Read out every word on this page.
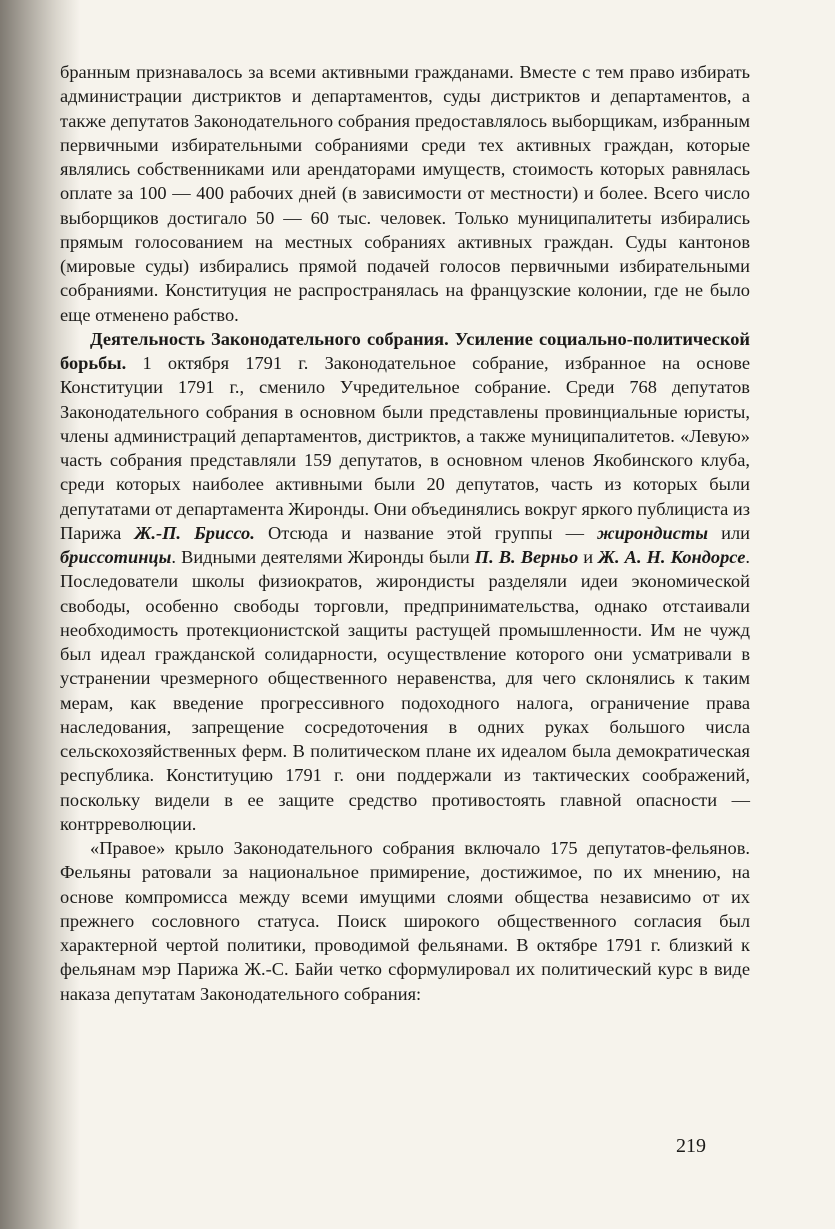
бранным признавалось за всеми активными гражданами. Вместе с тем право избирать администрации дистриктов и департаментов, суды дистриктов и департаментов, а также депутатов Законодательного собрания предоставлялось выборщикам, избранным первичными избирательными собраниями среди тех активных граждан, которые являлись собственниками или арендаторами имуществ, стоимость которых равнялась оплате за 100 — 400 рабочих дней (в зависимости от местности) и более. Всего число выборщиков достигало 50 — 60 тыс. человек. Только муниципалитеты избирались прямым голосованием на местных собраниях активных граждан. Суды кантонов (мировые суды) избирались прямой подачей голосов первичными избирательными собраниями. Конституция не распространялась на французские колонии, где не было еще отменено рабство.

Деятельность Законодательного собрания. Усиление социально-политической борьбы. 1 октября 1791 г. Законодательное собрание, избранное на основе Конституции 1791 г., сменило Учредительное собрание. Среди 768 депутатов Законодательного собрания в основном были представлены провинциальные юристы, члены администраций департаментов, дистриктов, а также муниципалитетов. «Левую» часть собрания представляли 159 депутатов, в основном членов Якобинского клуба, среди которых наиболее активными были 20 депутатов, часть из которых были депутатами от департамента Жиронды. Они объединялись вокруг яркого публициста из Парижа Ж.-П. Бриссо. Отсюда и название этой группы — жирондисты или бриссотинцы. Видными деятелями Жиронды были П. В. Верньо и Ж. А. Н. Кондорсе. Последователи школы физиократов, жирондисты разделяли идеи экономической свободы, особенно свободы торговли, предпринимательства, однако отстаивали необходимость протекционистской защиты растущей промышленности. Им не чужд был идеал гражданской солидарности, осуществление которого они усматривали в устранении чрезмерного общественного неравенства, для чего склонялись к таким мерам, как введение прогрессивного подоходного налога, ограничение права наследования, запрещение сосредоточения в одних руках большого числа сельскохозяйственных ферм. В политическом плане их идеалом была демократическая республика. Конституцию 1791 г. они поддержали из тактических соображений, поскольку видели в ее защите средство противостоять главной опасности — контрреволюции.

«Правое» крыло Законодательного собрания включало 175 депутатов-фельянов. Фельяны ратовали за национальное примирение, достижимое, по их мнению, на основе компромисса между всеми имущими слоями общества независимо от их прежнего сословного статуса. Поиск широкого общественного согласия был характерной чертой политики, проводимой фельянами. В октябре 1791 г. близкий к фельянам мэр Парижа Ж.-С. Байи четко сформулировал их политический курс в виде наказа депутатам Законодательного собрания:

219
